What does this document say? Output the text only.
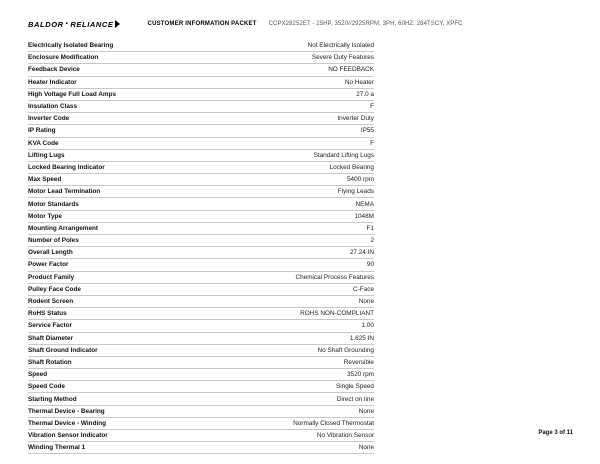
BALDOR • RELIANCE	CUSTOMER INFORMATION PACKET CCPX28252ET - 25HP, 3520//2925RPM, 3PH, 60HZ, 284TSCY, XPFC
Electrically Isolated Bearing	Not Electrically Isolated
Enclosure Modification	Severe Duty Features
Feedback Device	NO FEEDBACK
Heater Indicator	No Heater
High Voltage Full Load Amps	27.0 a
Insulation Class	F
Inverter Code	Inverter Duty
IP Rating	IP55
KVA Code	F
Lifting Lugs	Standard Lifting Lugs
Locked Bearing Indicator	Locked Bearing
Max Speed	5400 rpm
Motor Lead Termination	Flying Leads
Motor Standards	NEMA
Motor Type	1048M
Mounting Arrangement	F1
Number of Poles	2
Overall Length	27.24 IN
Power Factor	90
Product Family	Chemical Process Features
Pulley Face Code	C-Face
Rodent Screen	None
RoHS Status	ROHS NON-COMPLIANT
Service Factor	1.00
Shaft Diameter	1.625 IN
Shaft Ground Indicator	No Shaft Grounding
Shaft Rotation	Reversible
Speed	3520 rpm
Speed Code	Single Speed
Starting Method	Direct on line
Thermal Device - Bearing	None
Thermal Device - Winding	Normally Closed Thermostat
Vibration Sensor Indicator	No Vibration Sensor
Winding Thermal 1	None
Page 3 of 11
